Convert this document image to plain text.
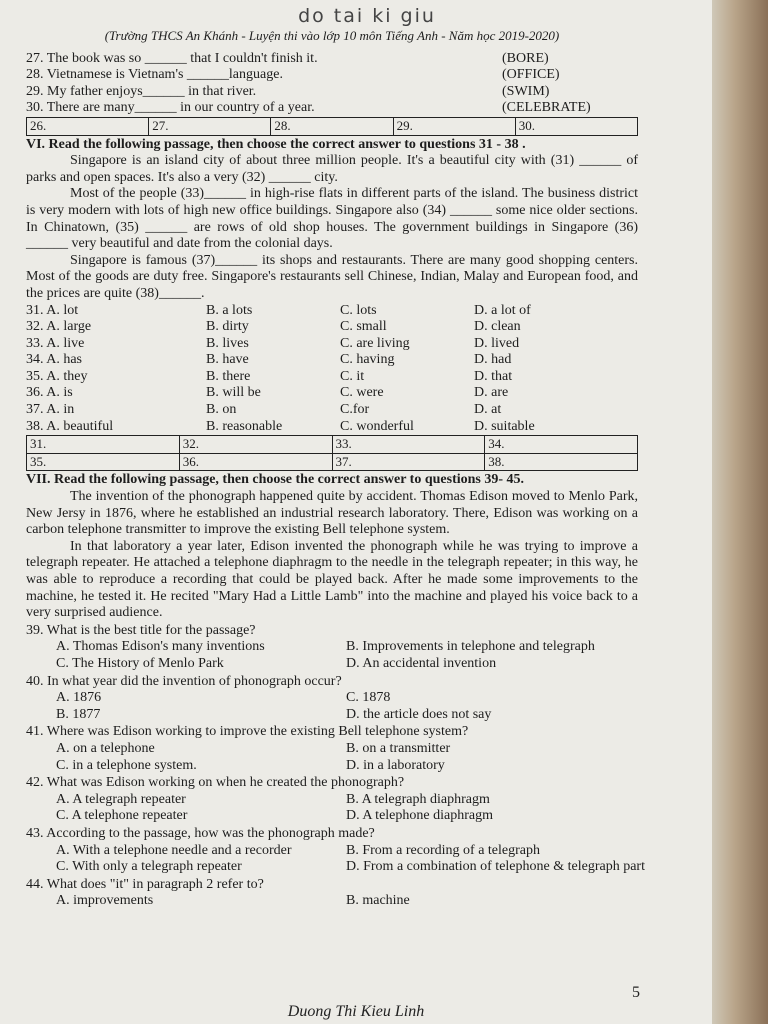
do tai ki giu
(Trường THCS An Khánh - Luyện thi vào lớp 10 môn Tiếng Anh - Năm học 2019-2020)
27. The book was so ______ that I couldn't finish it.	(BORE)
28. Vietnamese is Vietnam's ______language.	(OFFICE)
29. My father enjoys______ in that river.	(SWIM)
30. There are many______ in our country of a year.	(CELEBRATE)
26.	27.	28.	29.	30.
VI. Read the following passage, then choose the correct answer to questions 31 - 38 .
Singapore is an island city of about three million people. It's a beautiful city with (31) ______ of parks and open spaces. It's also a very (32) ______ city.
Most of the people (33)______ in high-rise flats in different parts of the island. The business district is very modern with lots of high new office buildings. Singapore also (34) ______ some nice older sections. In Chinatown, (35) ______ are rows of old shop houses. The government buildings in Singapore (36) ______ very beautiful and date from the colonial days.
Singapore is famous (37)______ its shops and restaurants. There are many good shopping centers. Most of the goods are duty free. Singapore's restaurants sell Chinese, Indian, Malay and European food, and the prices are quite (38)______.
31. A. lot	B. a lots	C. lots	D. a lot of
32. A. large	B. dirty	C. small	D. clean
33. A. live	B. lives	C. are living	D. lived
34. A. has	B. have	C. having	D. had
35. A. they	B. there	C. it	D. that
36. A. is	B. will be	C. were	D. are
37. A. in	B. on	C.for	D. at
38. A. beautiful	B. reasonable	C. wonderful	D. suitable
31.	32.	33.	34.
35.	36.	37.	38.
VII. Read the following passage, then choose the correct answer to questions 39- 45.
The invention of the phonograph happened quite by accident. Thomas Edison moved to Menlo Park, New Jersy in 1876, where he established an industrial research laboratory. There, Edison was working on a carbon telephone transmitter to improve the existing Bell telephone system.
In that laboratory a year later, Edison invented the phonograph while he was trying to improve a telegraph repeater. He attached a telephone diaphragm to the needle in the telegraph repeater; in this way, he was able to reproduce a recording that could be played back. After he made some improvements to the machine, he tested it. He recited "Mary Had a Little Lamb" into the machine and played his voice back to a very surprised audience.
39. What is the best title for the passage?
A. Thomas Edison's many inventions	B. Improvements in telephone and telegraph
C. The History of Menlo Park	D. An accidental invention
40. In what year did the invention of phonograph occur?
A. 1876	C. 1878
B. 1877	D. the article does not say
41. Where was Edison working to improve the existing Bell telephone system?
A. on a telephone	B. on a transmitter
C. in a telephone system.	D. in a laboratory
42. What was Edison working on when he created the phonograph?
A. A telegraph repeater	B. A telegraph diaphragm
C. A telephone repeater	D. A telephone diaphragm
43. According to the passage, how was the phonograph made?
A. With a telephone needle and a recorder	B. From a recording of a telegraph
C. With only a telegraph repeater	D. From a combination of telephone & telegraph part
44. What does "it" in paragraph 2 refer to?
A. improvements	B. machine
5
Duong Thi Kieu Linh
